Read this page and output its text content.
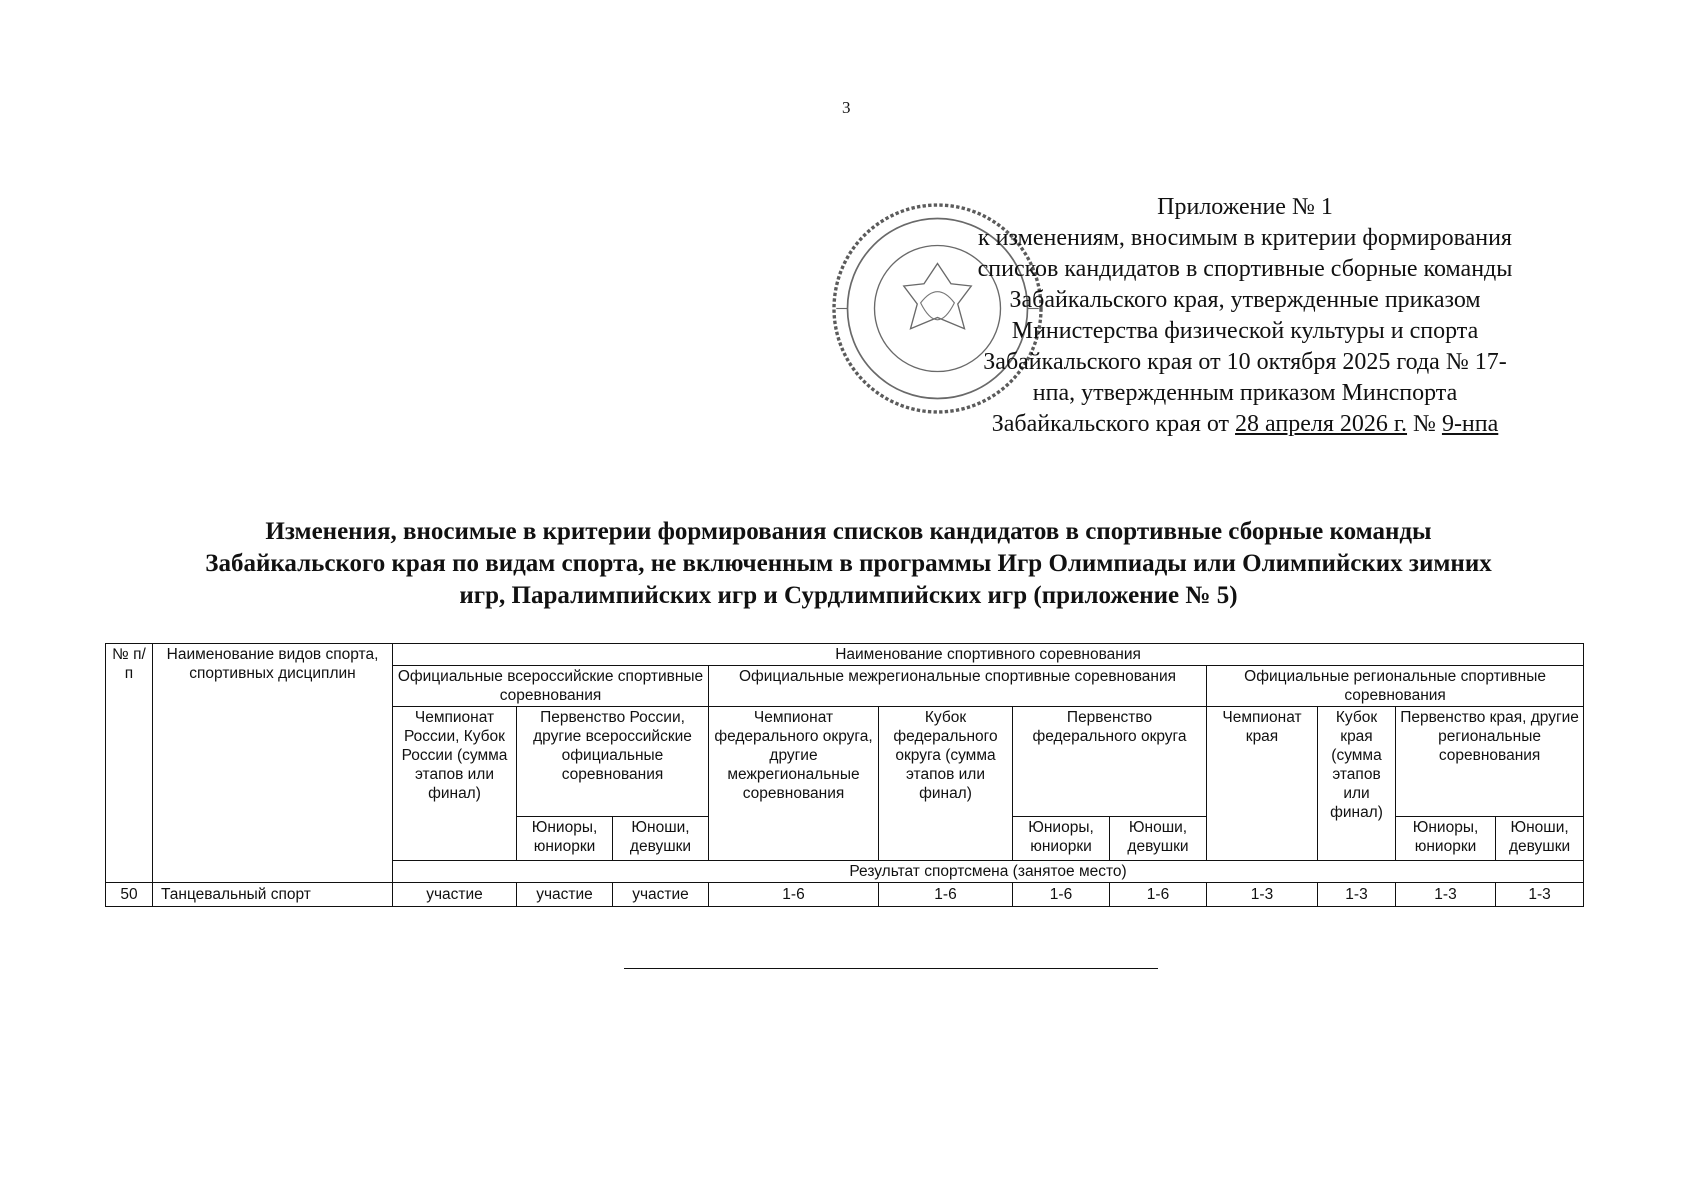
3
Приложение № 1
к изменениям, вносимым в критерии формирования
списков кандидатов в спортивные сборные команды
Забайкальского края, утвержденные приказом
Министерства физической культуры и спорта
Забайкальского края от 10 октября 2025 года № 17-
нпа, утвержденным приказом Минспорта
Забайкальского края от 28 апреля 2026 г. № 9-нпа
Изменения, вносимые в критерии формирования списков кандидатов в спортивные сборные команды
Забайкальского края по видам спорта, не включенным в программы Игр Олимпиады или Олимпийских зимних
игр, Паралимпийских игр и Сурдлимпийских игр (приложение № 5)
№ п/п	Наименование видов спорта, спортивных дисциплин	Наименование спортивного соревнования										
		Официальные всероссийские спортивные соревнования			Официальные межрегиональные спортивные соревнования				Официальные региональные спортивные соревнования			
		Чемпионат России, Кубок России (сумма этапов или финал)	Первенство России, другие всероссийские официальные соревнования		Чемпионат федерального округа, другие межрегиональные соревнования	Кубок федерального округа (сумма этапов или финал)	Первенство федерального округа		Чемпионат края	Кубок края (сумма этапов или финал)	Первенство края, другие региональные соревнования	
			Юниоры, юниорки	Юноши, девушки			Юниоры, юниорки	Юноши, девушки			Юниоры, юниорки	Юноши, девушки
		Результат спортсмена (занятое место)										
50	Танцевальный спорт	участие	участие	участие	1-6	1-6	1-6	1-6	1-3	1-3	1-3	1-3
